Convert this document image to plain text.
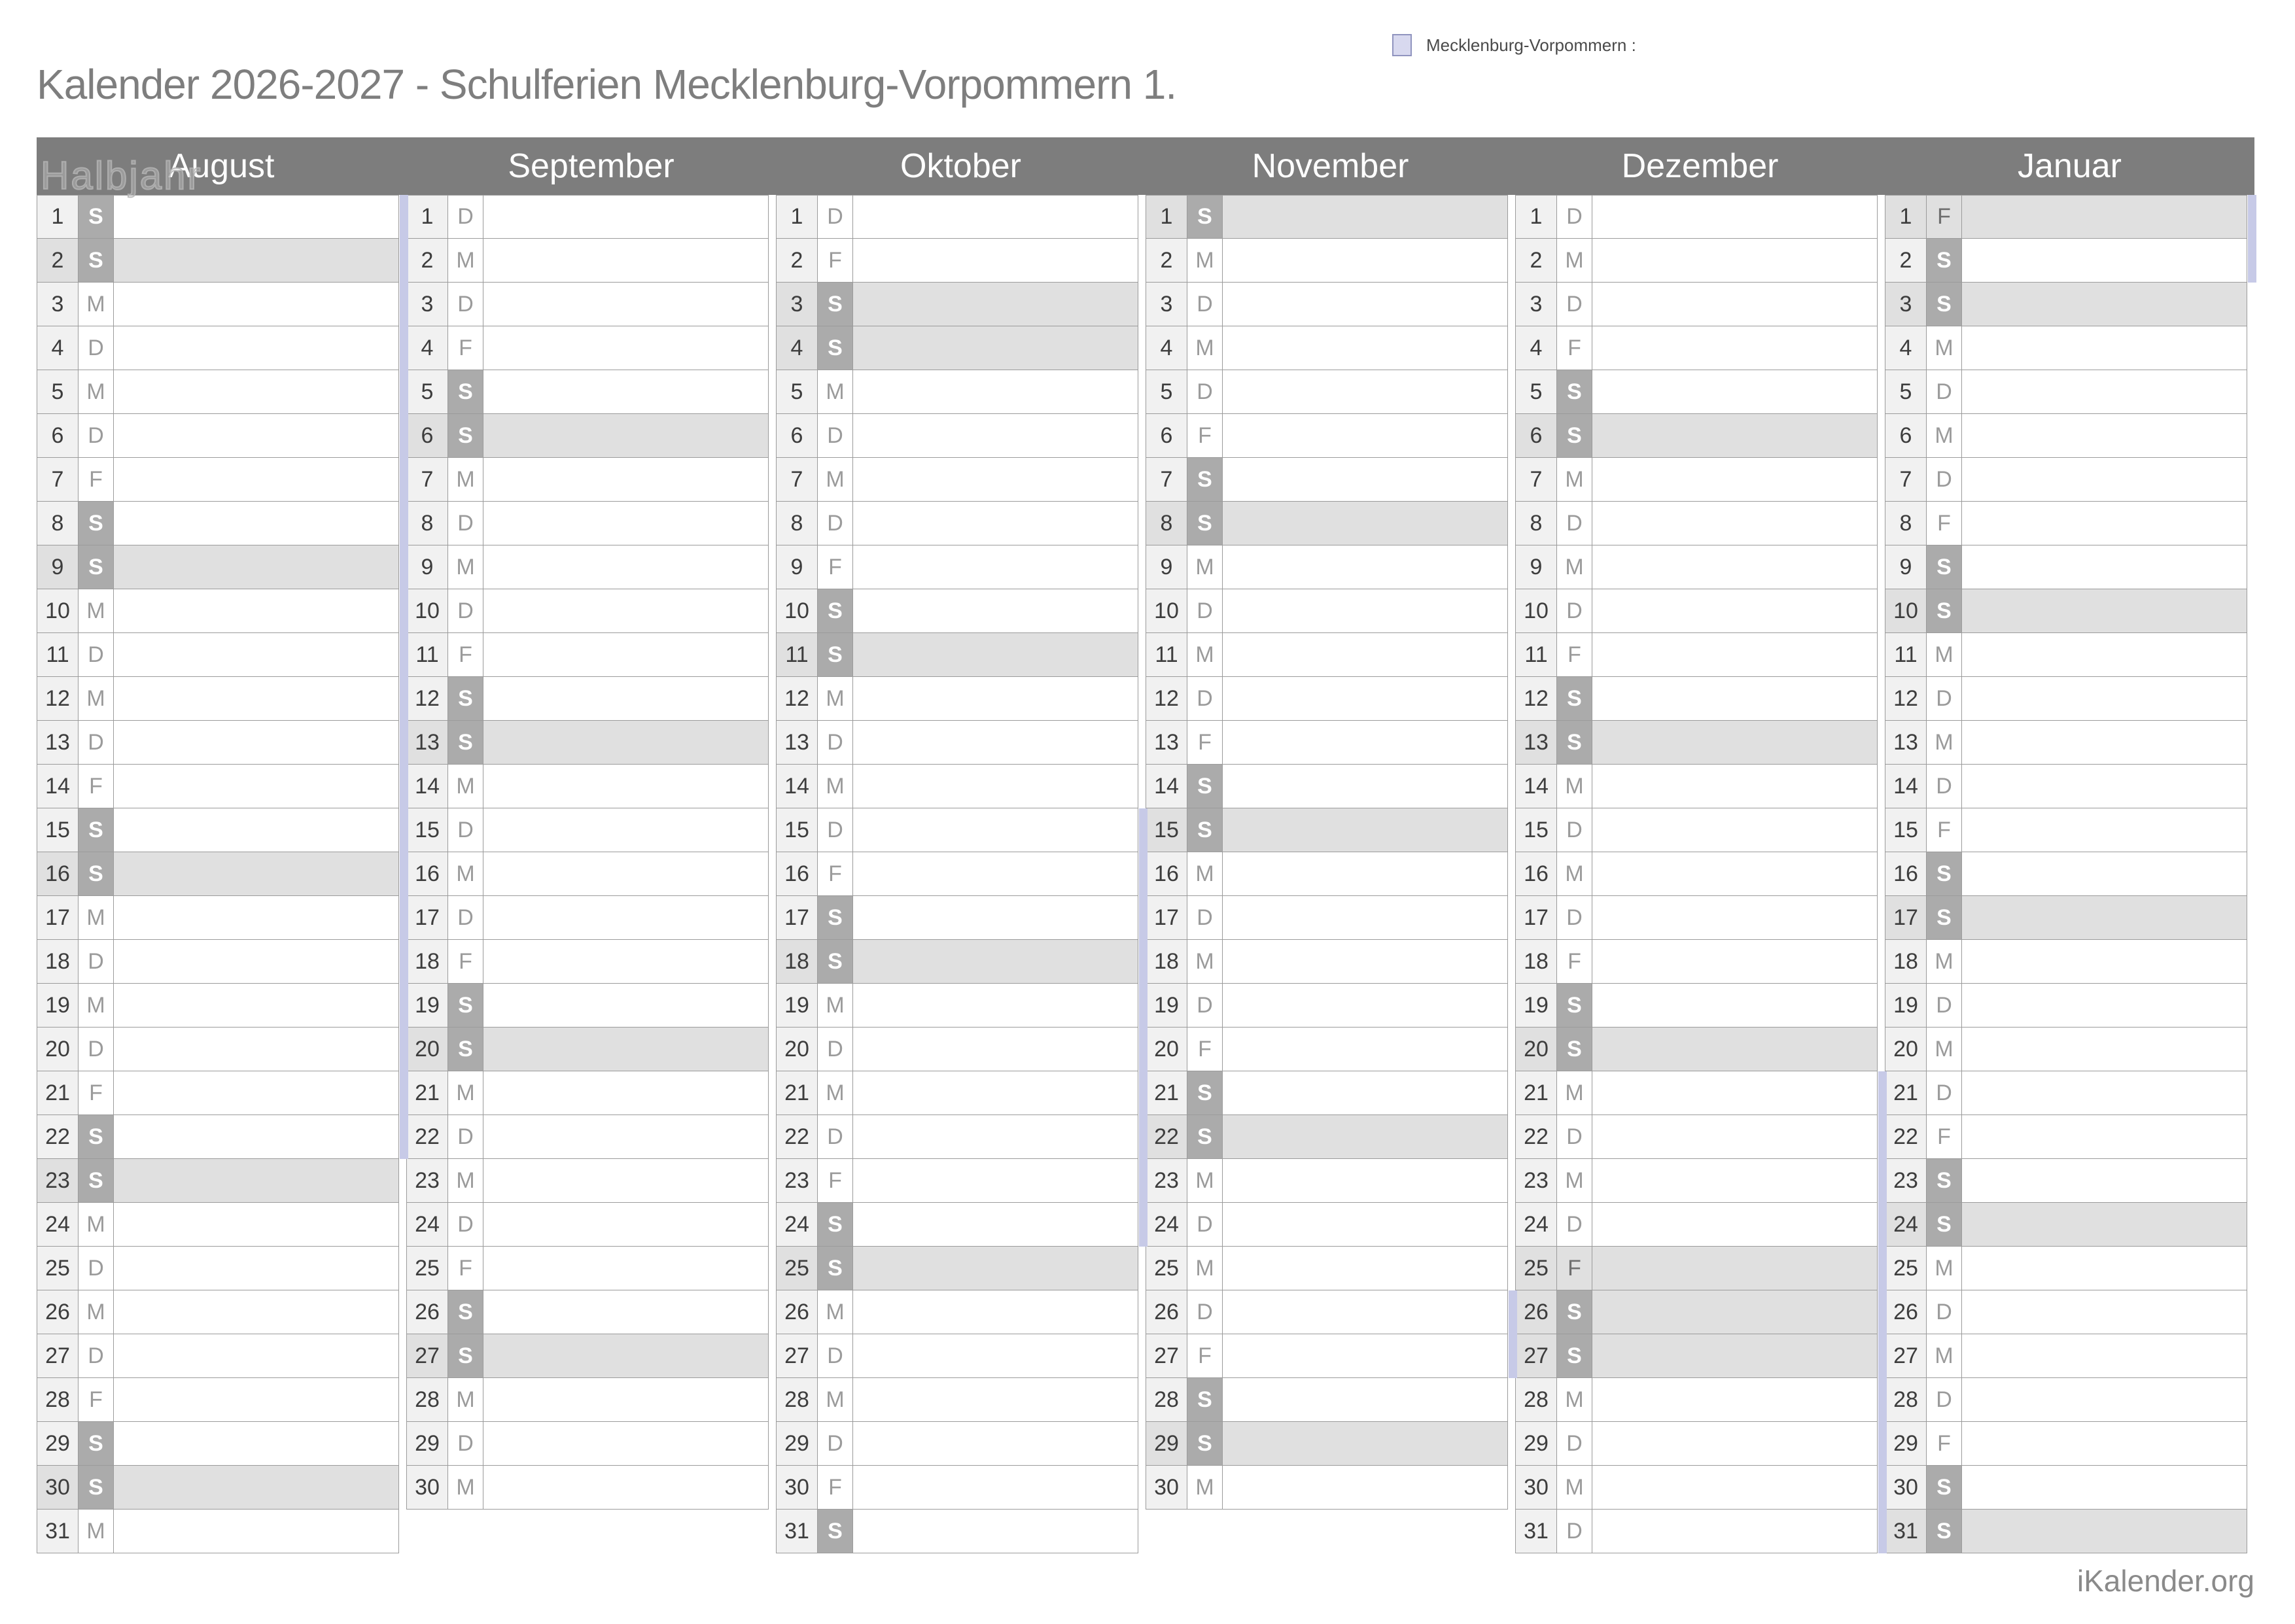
Kalender 2026-2027 - Schulferien Mecklenburg-Vorpommern 1.
Mecklenburg-Vorpommern :
Halbjahr
August
1	S
2	S
3	M
4	D
5	M
6	D
7	F
8	S
9	S
10 M
11 D
12 M
13 D
14 F
15 S
16 S
17 M
18 D
19 M
20 D
21 F
22 S
23 S
24 M
25 D
26 M
27 D
28 F
29 S
30 S
31 M
September
1	D
2	M
3	D
4	F
5	S
6	S
7	M
8	D
9	M
10 D
11 F
12 S
13 S
14 M
15 D
16 M
17 D
18 F
19 S
20 S
21 M
22 D
23 M
24 D
25 F
26 S
27 S
28 M
29 D
30 M
Oktober
1	D
2	F
3	S
4	S
5	M
6	D
7	M
8	D
9	F
10 S
11 S
12 M
13 D
14 M
15 D
16 F
17 S
18 S
19 M
20 D
21 M
22 D
23 F
24 S
25 S
26 M
27 D
28 M
29 D
30 F
31 S
November
1	S
2	M
3	D
4	M
5	D
6	F
7	S
8	S
9	M
10 D
11 M
12 D
13 F
14 S
15 S
16 M
17 D
18 M
19 D
20 F
21 S
22 S
23 M
24 D
25 M
26 D
27 F
28 S
29 S
30 M
Dezember
1	D
2	M
3	D
4	F
5	S
6	S
7	M
8	D
9	M
10 D
11 F
12 S
13 S
14 M
15 D
16 M
17 D
18 F
19 S
20 S
21 M
22 D
23 M
24 D
25 F
26 S
27 S
28 M
29 D
30 M
31 D
Januar
1	F
2	S
3	S
4	M
5	D
6	M
7	D
8	F
9	S
10 S
11 M
12 D
13 M
14 D
15 F
16 S
17 S
18 M
19 D
20 M
21 D
22 F
23 S
24 S
25 M
26 D
27 M
28 D
29 F
30 S
31 S
iKalender.org
